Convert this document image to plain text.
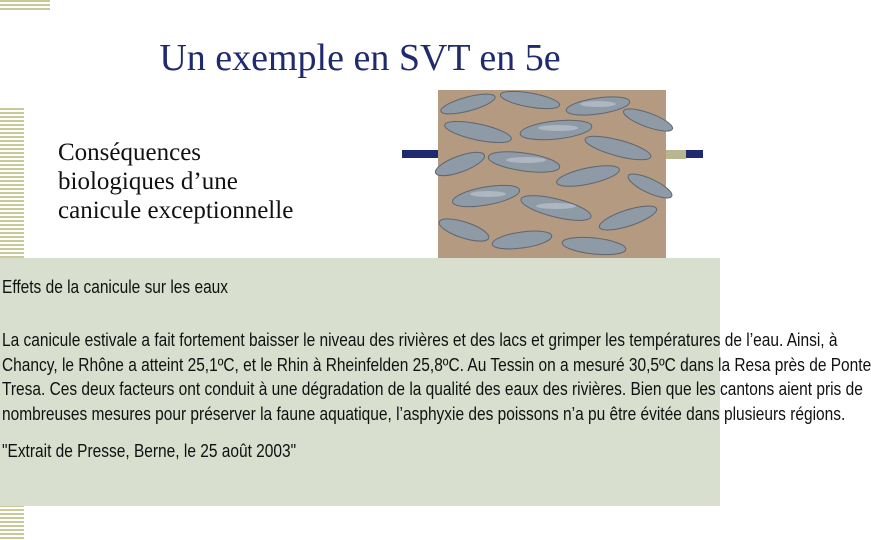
Un exemple en SVT en 5e
Conséquences
biologiques d’une
canicule exceptionnelle
Effets de la canicule sur les eaux
La canicule estivale a fait fortement baisser le niveau des rivières et des lacs et grimper les températures de l’eau. Ainsi, à
Chancy, le Rhône a atteint 25,1ºC, et le Rhin à Rheinfelden 25,8ºC. Au Tessin on a mesuré 30,5ºC dans la Resa près de Ponte
Tresa. Ces deux facteurs ont conduit à une dégradation de la qualité des eaux des rivières. Bien que les cantons aient pris de
nombreuses mesures pour préserver la faune aquatique, l’asphyxie des poissons n’a pu être évitée dans plusieurs régions.
"Extrait de Presse, Berne, le 25 août 2003"
